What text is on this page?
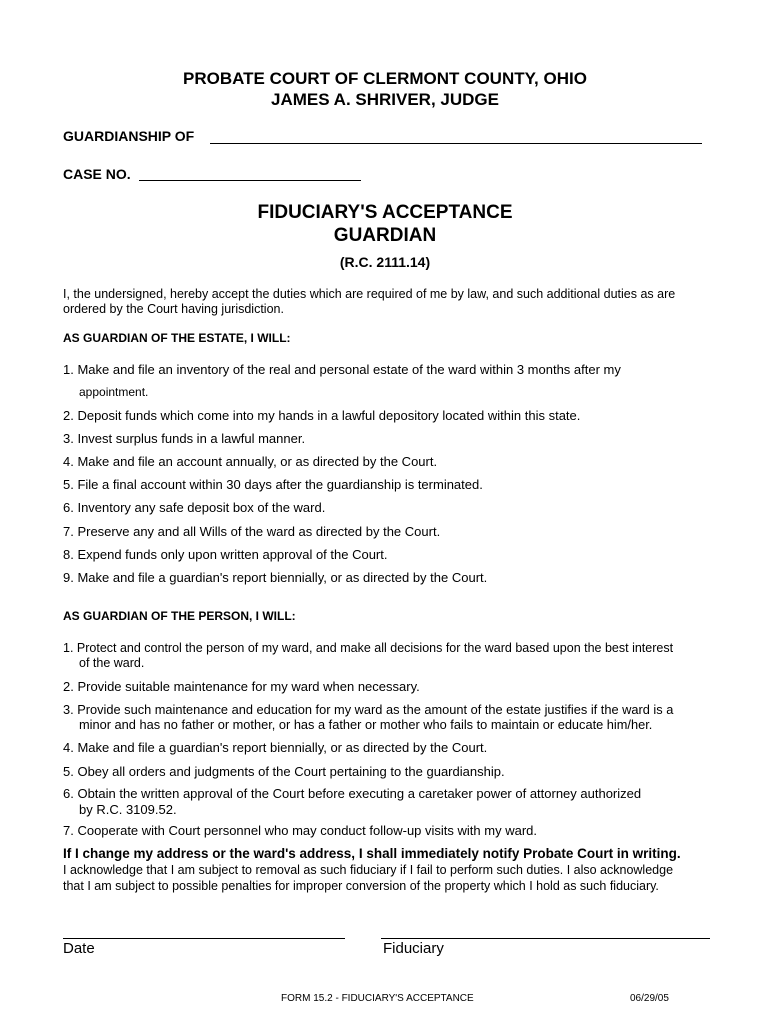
PROBATE COURT OF CLERMONT COUNTY, OHIO
JAMES A. SHRIVER, JUDGE
GUARDIANSHIP OF
CASE NO.
FIDUCIARY'S ACCEPTANCE
GUARDIAN
(R.C. 2111.14)
I, the undersigned, hereby accept the duties which are required of me by law, and such additional duties as are ordered by the Court having jurisdiction.
AS GUARDIAN OF THE ESTATE, I WILL:
1. Make and file an inventory of the real and personal estate of the ward within 3 months after my
appointment.
2. Deposit funds which come into my hands in a lawful depository located within this state.
3. Invest surplus funds in a lawful manner.
4. Make and file an account annually, or as directed by the Court.
5. File a final account within 30 days after the guardianship is terminated.
6. Inventory any safe deposit box of the ward.
7. Preserve any and all Wills of the ward as directed by the Court.
8. Expend funds only upon written approval of the Court.
9. Make and file a guardian's report biennially, or as directed by the Court.
AS GUARDIAN OF THE PERSON, I WILL:
1. Protect and control the person of my ward, and make all decisions for the ward based upon the best interest
of the ward.
2. Provide suitable maintenance for my ward when necessary.
3. Provide such maintenance and education for my ward as the amount of the estate justifies if the ward is a
minor and has no father or mother, or has a father or mother who fails to maintain or educate him/her.
4. Make and file a guardian's report biennially, or as directed by the Court.
5. Obey all orders and judgments of the Court pertaining to the guardianship.
6. Obtain the written approval of the Court before executing a caretaker power of attorney authorized
by R.C. 3109.52.
7. Cooperate with Court personnel who may conduct follow-up visits with my ward.
If I change my address or the ward's address, I shall immediately notify Probate Court in writing.
I acknowledge that I am subject to removal as such fiduciary if I fail to perform such duties. I also acknowledge
that I am subject to possible penalties for improper conversion of the property which I hold as such fiduciary.
Date	Fiduciary
FORM 15.2 - FIDUCIARY'S ACCEPTANCE	06/29/05
